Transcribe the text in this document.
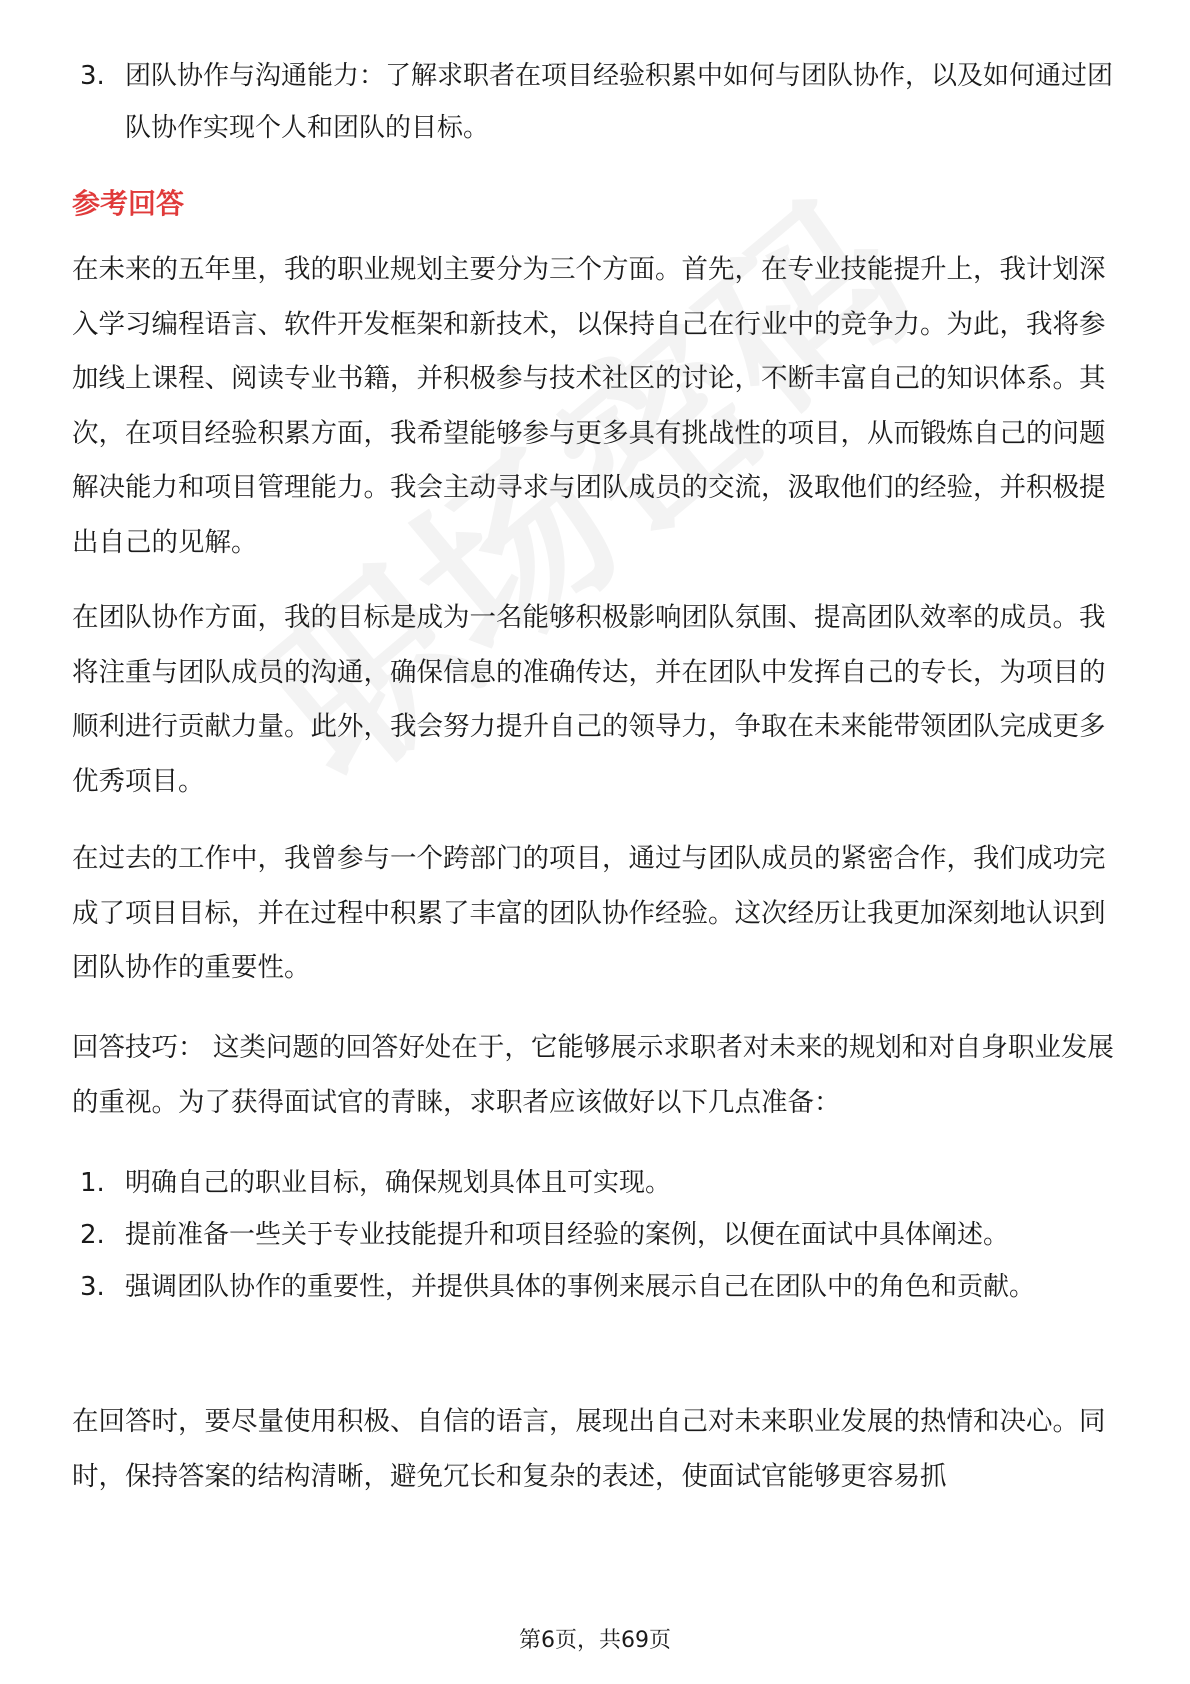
3. 团队协作与沟通能力：了解求职者在项目经验积累中如何与团队协作，以及如何通过团队协作实现个人和团队的目标。
参考回答

在未来的五年里，我的职业规划主要分为三个方面。首先，在专业技能提升上，我计划深入学习编程语言、软件开发框架和新技术，以保持自己在行业中的竞争力。为此，我将参加线上课程、阅读专业书籍，并积极参与技术社区的讨论，不断丰富自己的知识体系。其次，在项目经验积累方面，我希望能够参与更多具有挑战性的项目，从而锻炼自己的问题解决能力和项目管理能力。我会主动寻求与团队成员的交流，汲取他们的经验，并积极提出自己的见解。

在团队协作方面，我的目标是成为一名能够积极影响团队氛围、提高团队效率的成员。我将注重与团队成员的沟通，确保信息的准确传达，并在团队中发挥自己的专长，为项目的顺利进行贡献力量。此外，我会努力提升自己的领导力，争取在未来能带领团队完成更多优秀项目。

在过去的工作中，我曾参与一个跨部门的项目，通过与团队成员的紧密合作，我们成功完成了项目目标，并在过程中积累了丰富的团队协作经验。这次经历让我更加深刻地认识到团队协作的重要性。

回答技巧： 这类问题的回答好处在于，它能够展示求职者对未来的规划和对自身职业发展的重视。为了获得面试官的青睐，求职者应该做好以下几点准备：

1. 明确自己的职业目标，确保规划具体且可实现。
2. 提前准备一些关于专业技能提升和项目经验的案例，以便在面试中具体阐述。
3. 强调团队协作的重要性，并提供具体的事例来展示自己在团队中的角色和贡献。

在回答时，要尽量使用积极、自信的语言，展现出自己对未来职业发展的热情和决心。同时，保持答案的结构清晰，避免冗长和复杂的表述，使面试官能够更容易抓

第6页，共69页
